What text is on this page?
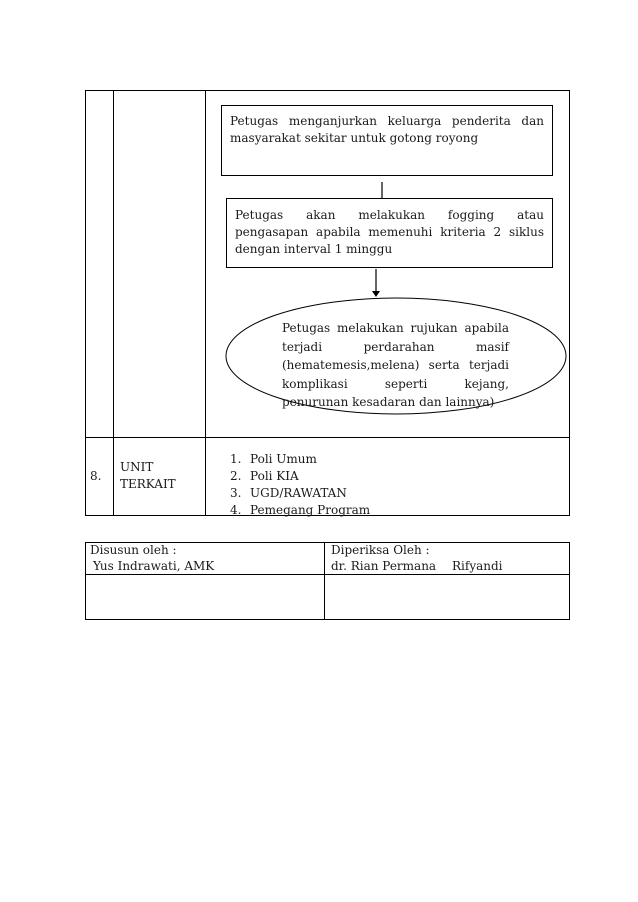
Petugas menganjurkan keluarga penderita dan masyarakat sekitar untuk gotong royong
Petugas akan melakukan fogging atau pengasapan apabila memenuhi kriteria 2 siklus dengan interval 1 minggu
Petugas melakukan rujukan apabila terjadi perdarahan masif (hematemesis,melena) serta terjadi komplikasi seperti kejang, penurunan kesadaran dan lainnya)
8.
UNIT TERKAIT
1. Poli Umum
2. Poli KIA
3. UGD/RAWATAN
4. Pemegang Program
Disusun oleh :
Yus Indrawati, AMK
Diperiksa Oleh :
dr. Rian Permana Rifyandi
